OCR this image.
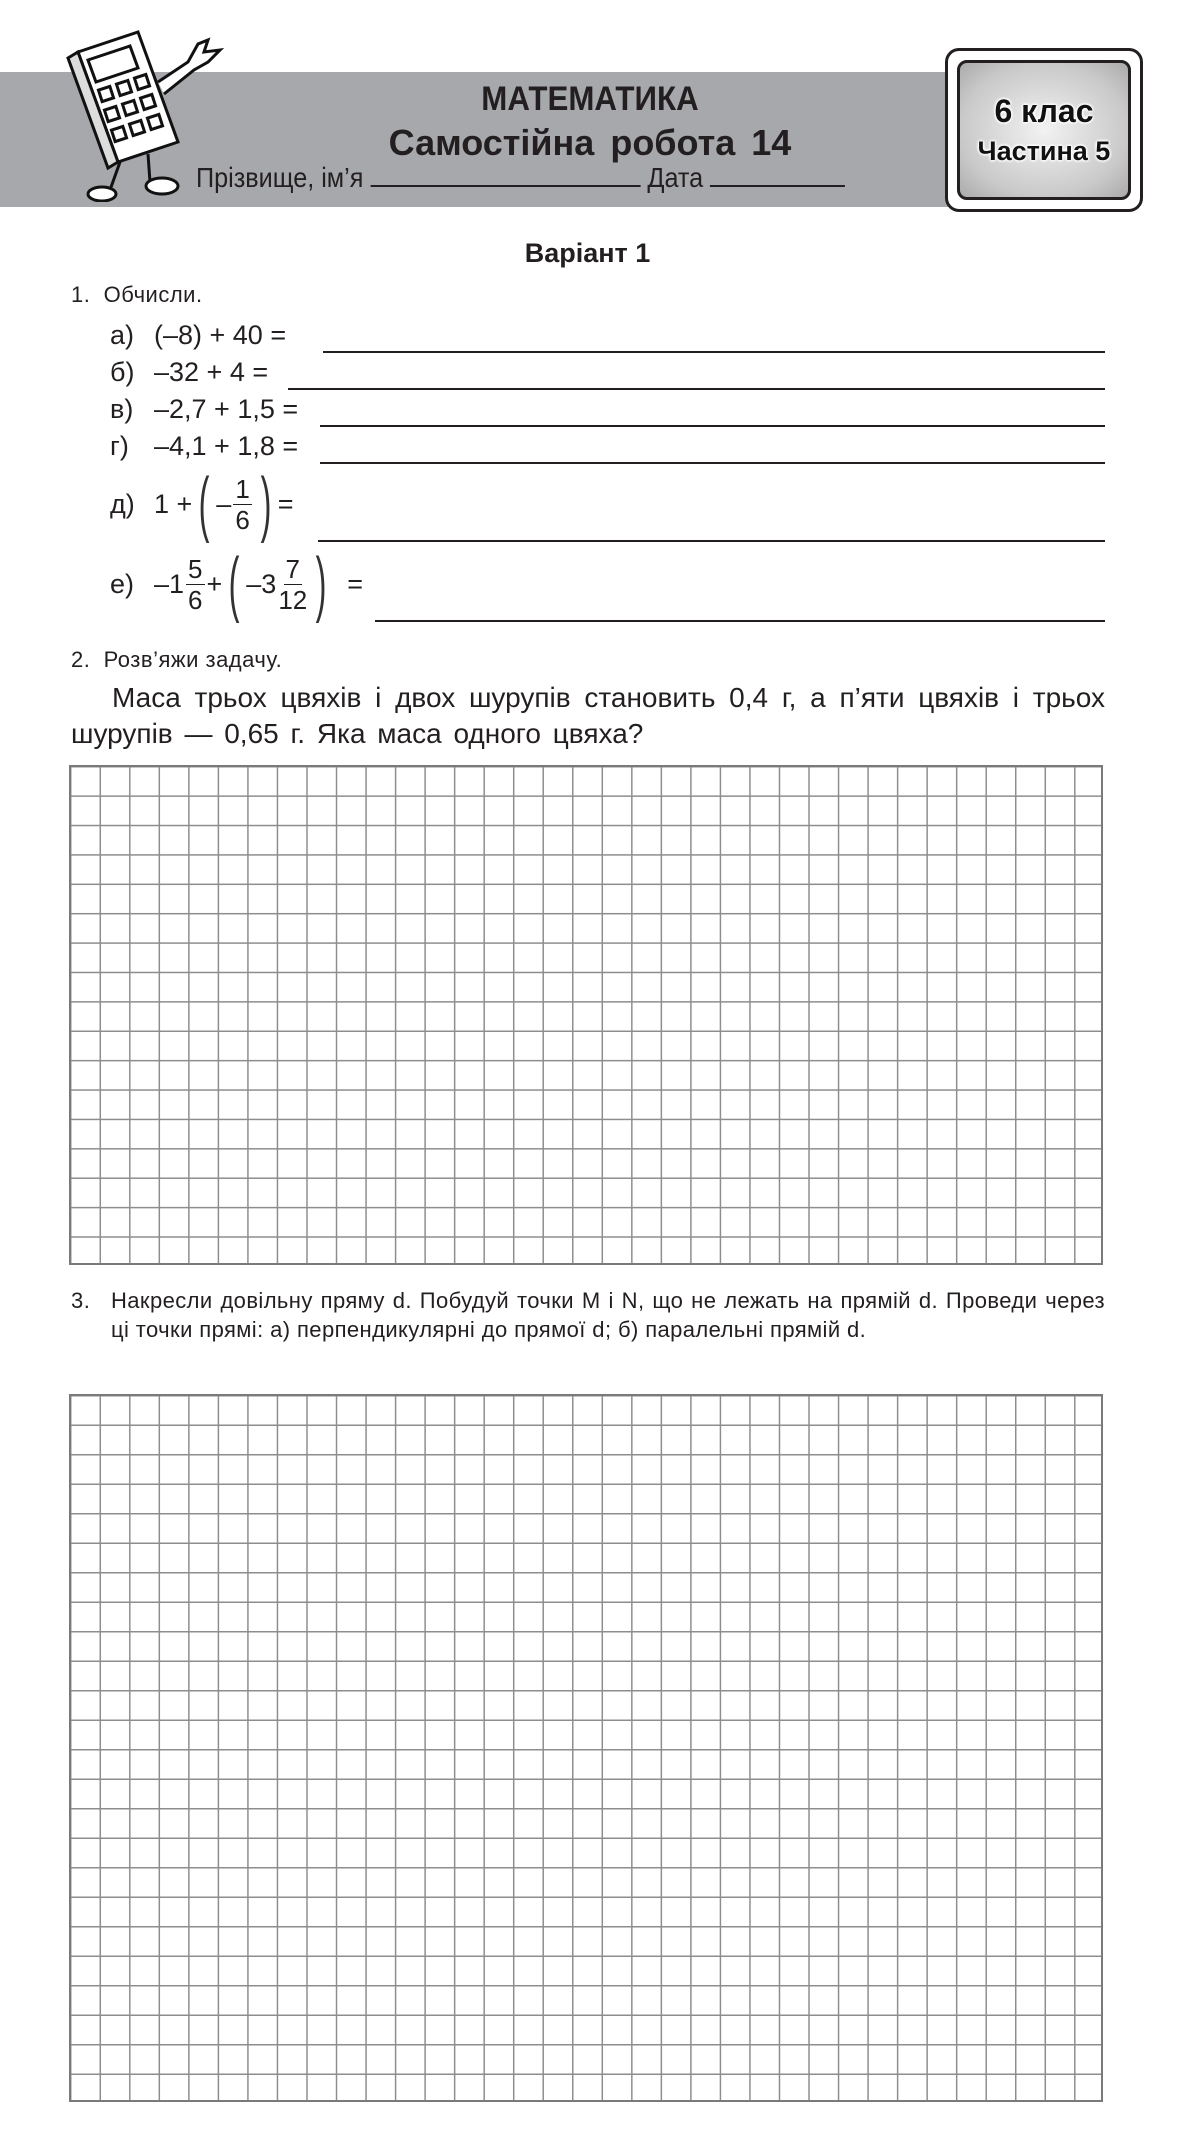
МАТЕМАТИКА
Самостійна робота 14
Прізвище, ім’я	Дата
6 клас
Частина 5
Варіант 1
1. Обчисли.
а) (–8) + 40 =
б) –32 + 4 =
в) –2,7 + 1,5 =
г) –4,1 + 1,8 =
д) 1 + ( – $\frac{1}{6}$ ) =
е) $-1 \frac{5}{6}$ + ( $-3 \frac{7}{12}$ ) =
2. Розв’яжи задачу.
Маса трьох цвяхів і двох шурупів становить 0,4 г, а п’яти цвяхів і трьох шурупів — 0,65 г. Яка маса одного цвяха?
3. Накресли довільну пряму d. Побудуй точки M і N, що не лежать на прямій d. Проведи через ці точки прямі: а) перпендикулярні до прямої d; б) паралельні прямій d.
